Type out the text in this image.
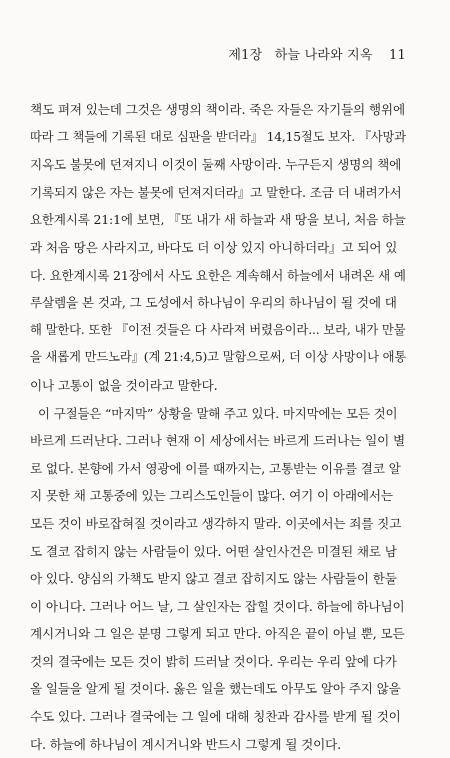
제1장 하늘 나라와 지옥 11
책도 펴져 있는데 그것은 생명의 책이라. 죽은 자들은 자기들의 행위에
따라 그 책들에 기록된 대로 심판을 받더라』 14,15절도 보자. 『사망과
지옥도 불못에 던져지니 이것이 둘째 사망이라. 누구든지 생명의 책에
기록되지 않은 자는 불못에 던져지더라』고 말한다. 조금 더 내려가서
요한계시록 21:1에 보면, 『또 내가 새 하늘과 새 땅을 보니, 처음 하늘
과 처음 땅은 사라지고, 바다도 더 이상 있지 아니하더라』고 되어 있
다. 요한계시록 21장에서 사도 요한은 계속해서 하늘에서 내려온 새 예
루살렘을 본 것과, 그 도성에서 하나님이 우리의 하나님이 될 것에 대
해 말한다. 또한 『이전 것들은 다 사라져 버렸음이라... 보라, 내가 만물
을 새롭게 만드노라』(계 21:4,5)고 말함으로써, 더 이상 사망이나 애통
이나 고통이 없을 것이라고 말한다.
이 구절들은 “마지막” 상황을 말해 주고 있다. 마지막에는 모든 것이
바르게 드러난다. 그러나 현재 이 세상에서는 바르게 드러나는 일이 별
로 없다. 본향에 가서 영광에 이를 때까지는, 고통받는 이유를 결코 알
지 못한 채 고통중에 있는 그리스도인들이 많다. 여기 이 아래에서는
모든 것이 바로잡혀질 것이라고 생각하지 말라. 이곳에서는 죄를 짓고
도 결코 잡히지 않는 사람들이 있다. 어떤 살인사건은 미결된 채로 남
아 있다. 양심의 가책도 받지 않고 결코 잡히지도 않는 사람들이 한둘
이 아니다. 그러나 어느 날, 그 살인자는 잡힐 것이다. 하늘에 하나님이
계시거니와 그 일은 분명 그렇게 되고 만다. 아직은 끝이 아닐 뿐, 모든
것의 결국에는 모든 것이 밝히 드러날 것이다. 우리는 우리 앞에 다가
올 일들을 알게 될 것이다. 옳은 일을 했는데도 아무도 알아 주지 않을
수도 있다. 그러나 결국에는 그 일에 대해 칭찬과 감사를 받게 될 것이
다. 하늘에 하나님이 계시거니와 반드시 그렇게 될 것이다.
